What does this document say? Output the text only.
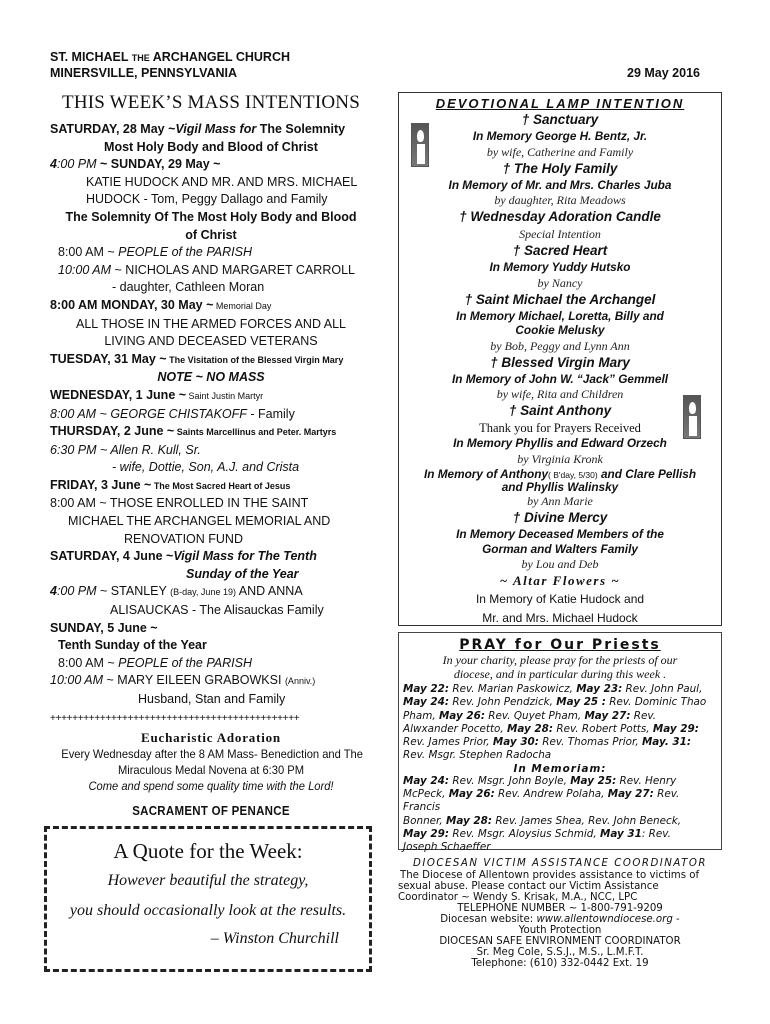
ST. MICHAEL THE ARCHANGEL CHURCH
MINERSVILLE, PENNSYLVANIA	29 May 2016
THIS WEEK’S MASS INTENTIONS
SATURDAY, 28 May ~Vigil Mass for The Solemnity
Most Holy Body and Blood of Christ
4:00 PM ~ SUNDAY, 29 May ~
KATIE HUDOCK AND MR. AND MRS. MICHAEL
HUDOCK - Tom, Peggy Dallago and Family
The Solemnity Of The Most Holy Body and Blood
of Christ
8:00 AM ~ PEOPLE of the PARISH
10:00 AM ~ NICHOLAS AND MARGARET CARROLL
- daughter, Cathleen Moran
8:00 AM MONDAY, 30 May ~ Memorial Day
ALL THOSE IN THE ARMED FORCES AND ALL
LIVING AND DECEASED VETERANS
TUESDAY, 31 May ~ The Visitation of the Blessed Virgin Mary
NOTE ~ NO MASS
WEDNESDAY, 1 June ~ Saint Justin Martyr
8:00 AM ~ GEORGE CHISTAKOFF - Family
THURSDAY, 2 June ~ Saints Marcellinus and Peter. Martyrs
6:30 PM ~ Allen R. Kull, Sr.
- wife, Dottie, Son, A.J. and Crista
FRIDAY, 3 June ~ The Most Sacred Heart of Jesus
8:00 AM ~ THOSE ENROLLED IN THE SAINT
MICHAEL THE ARCHANGEL MEMORIAL AND
RENOVATION FUND
SATURDAY, 4 June ~Vigil Mass for The Tenth
Sunday of the Year
4:00 PM ~ STANLEY (B-day, June 19) AND ANNA
ALISAUCKAS - The Alisauckas Family
SUNDAY, 5 June ~
Tenth Sunday of the Year
8:00 AM ~ PEOPLE of the PARISH
10:00 AM ~ MARY EILEEN GRABOWKSI (Anniv.)
Husband, Stan and Family
+++++++++++++++++++++++++++++++++++++++++++++
Eucharistic Adoration
Every Wednesday after the 8 AM Mass- Benediction and The
Miraculous Medal Novena at 6:30 PM
Come and spend some quality time with the Lord!
SACRAMENT OF PENANCE
A Quote for the Week:
However beautiful the strategy,
you should occasionally look at the results.
– Winston Churchill
DEVOTIONAL LAMP INTENTION
† Sanctuary
In Memory George H. Bentz, Jr.
by wife, Catherine and Family
† The Holy Family
In Memory of Mr. and Mrs. Charles Juba
by daughter, Rita Meadows
† Wednesday Adoration Candle
Special Intention
† Sacred Heart
In Memory Yuddy Hutsko
by Nancy
† Saint Michael the Archangel
In Memory Michael, Loretta, Billy and
Cookie Melusky
by Bob, Peggy and Lynn Ann
† Blessed Virgin Mary
In Memory of John W. “Jack” Gemmell
by wife, Rita and Children
† Saint Anthony
Thank you for Prayers Received
In Memory Phyllis and Edward Orzech
by Virginia Kronk
In Memory of Anthony( B'day, 5/30) and Clare Pellish
and Phyllis Walinsky
by Ann Marie
† Divine Mercy
In Memory Deceased Members of the
Gorman and Walters Family
by Lou and Deb
~ Altar Flowers ~
In Memory of Katie Hudock and
Mr. and Mrs. Michael Hudock
PRAY for Our Priests
In your charity, please pray for the priests of our
diocese, and in particular during this week .
May 22: Rev. Marian Paskowicz, May 23: Rev. John Paul,
May 24: Rev. John Pendzick, May 25 : Rev. Dominic Thao
Pham, May 26: Rev. Quyet Pham, May 27: Rev.
Alwxander Pocetto, May 28: Rev. Robert Potts, May 29:
Rev. James Prior, May 30: Rev. Thomas Prior, May. 31:
Rev. Msgr. Stephen Radocha
In Memoriam:
May 24: Rev. Msgr. John Boyle, May 25: Rev. Henry
McPeck, May 26: Rev. Andrew Polaha, May 27: Rev. Francis
Bonner, May 28: Rev. James Shea, Rev. John Beneck,
May 29: Rev. Msgr. Aloysius Schmid, May 31: Rev.
Joseph Schaeffer
DIOCESAN VICTIM ASSISTANCE COORDINATOR
The Diocese of Allentown provides assistance to victims of
sexual abuse. Please contact our Victim Assistance
Coordinator ~ Wendy S. Krisak, M.A., NCC, LPC
TELEPHONE NUMBER ~ 1-800-791-9209
Diocesan website: www.allentowndiocese.org -
Youth Protection
DIOCESAN SAFE ENVIRONMENT COORDINATOR
Sr. Meg Cole, S.S.J., M.S., L.M.F.T.
Telephone: (610) 332-0442 Ext. 19
